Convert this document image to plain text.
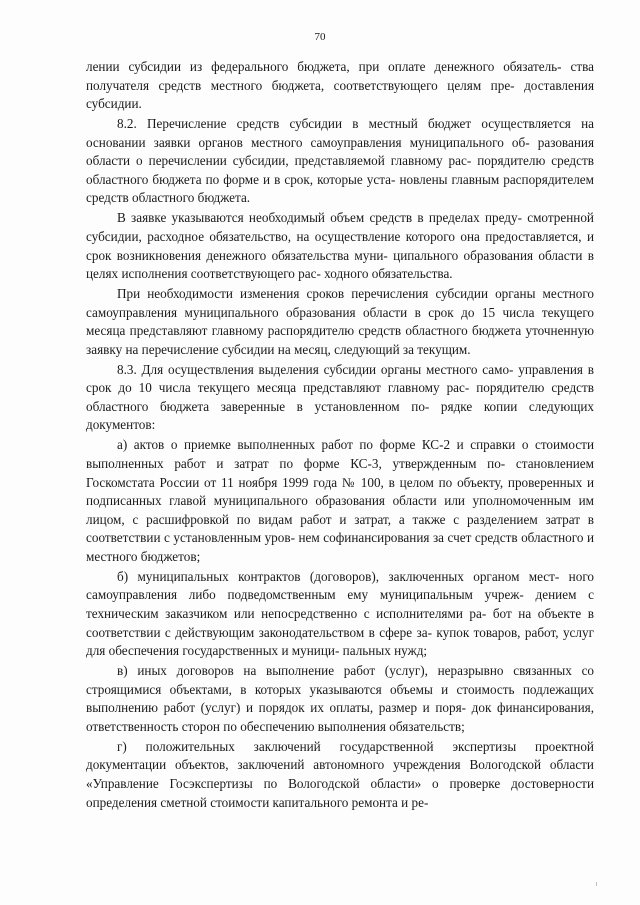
70
лении субсидии из федерального бюджета, при оплате денежного обязатель- ства получателя средств местного бюджета, соответствующего целям пре- доставления субсидии.
8.2. Перечисление средств субсидии в местный бюджет осуществляется на основании заявки органов местного самоуправления муниципального об- разования области о перечислении субсидии, представляемой главному рас- порядителю средств областного бюджета по форме и в срок, которые уста- новлены главным распорядителем средств областного бюджета.
В заявке указываются необходимый объем средств в пределах преду- смотренной субсидии, расходное обязательство, на осуществление которого она предоставляется, и срок возникновения денежного обязательства муни- ципального образования области в целях исполнения соответствующего рас- ходного обязательства.
При необходимости изменения сроков перечисления субсидии органы местного самоуправления муниципального образования области в срок до 15 числа текущего месяца представляют главному распорядителю средств областного бюджета уточненную заявку на перечисление субсидии на месяц, следующий за текущим.
8.3. Для осуществления выделения субсидии органы местного само- управления в срок до 10 числа текущего месяца представляют главному рас- порядителю средств областного бюджета заверенные в установленном по- рядке копии следующих документов:
а) актов о приемке выполненных работ по форме КС-2 и справки о стоимости выполненных работ и затрат по форме КС-3, утвержденным по- становлением Госкомстата России от 11 ноября 1999 года № 100, в целом по объекту, проверенных и подписанных главой муниципального образования области или уполномоченным им лицом, с расшифровкой по видам работ и затрат, а также с разделением затрат в соответствии с установленным уров- нем софинансирования за счет средств областного и местного бюджетов;
б) муниципальных контрактов (договоров), заключенных органом мест- ного самоуправления либо подведомственным ему муниципальным учреж- дением с техническим заказчиком или непосредственно с исполнителями ра- бот на объекте в соответствии с действующим законодательством в сфере за- купок товаров, работ, услуг для обеспечения государственных и муници- пальных нужд;
в) иных договоров на выполнение работ (услуг), неразрывно связанных со строящимися объектами, в которых указываются объемы и стоимость подлежащих выполнению работ (услуг) и порядок их оплаты, размер и поря- док финансирования, ответственность сторон по обеспечению выполнения обязательств;
г) положительных заключений государственной экспертизы проектной документации объектов, заключений автономного учреждения Вологодской области «Управление Госэкспертизы по Вологодской области» о проверке достоверности определения сметной стоимости капитального ремонта и ре-
